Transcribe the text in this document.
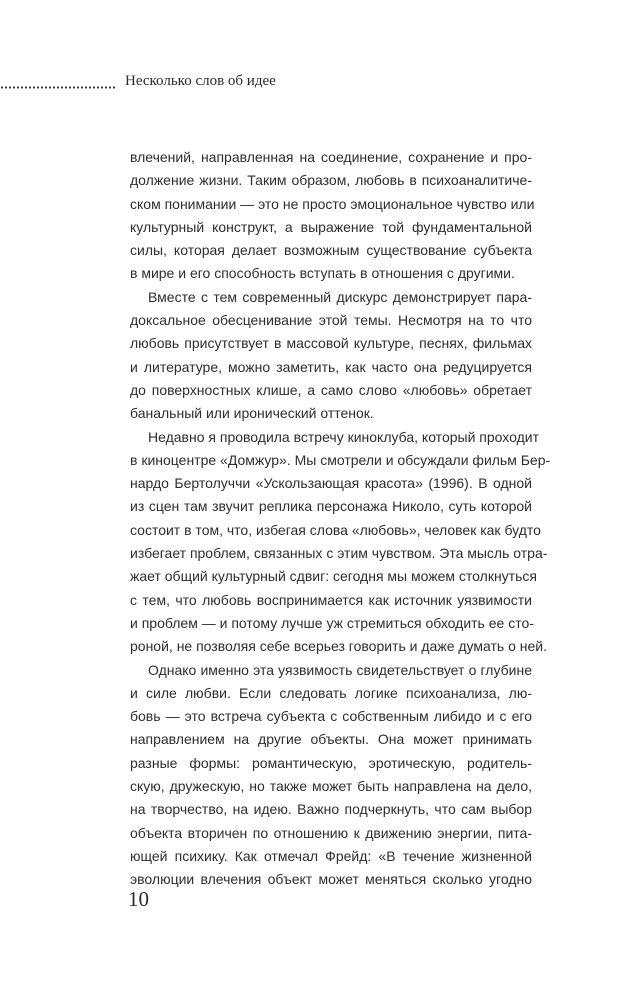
Несколько слов об идее
влечений, направленная на соединение, сохранение и про-
должение жизни. Таким образом, любовь в психоаналитиче-
ском понимании — это не просто эмоциональное чувство или
культурный конструкт, а выражение той фундаментальной
силы, которая делает возможным существование субъекта
в мире и его способность вступать в отношения с другими.
Вместе с тем современный дискурс демонстрирует пара-
доксальное обесценивание этой темы. Несмотря на то что
любовь присутствует в массовой культуре, песнях, фильмах
и литературе, можно заметить, как часто она редуцируется
до поверхностных клише, а само слово «любовь» обретает
банальный или иронический оттенок.
Недавно я проводила встречу киноклуба, который проходит
в киноцентре «Домжур». Мы смотрели и обсуждали фильм Бер-
нардо Бертолуччи «Ускользающая красота» (1996). В одной
из сцен там звучит реплика персонажа Николо, суть которой
состоит в том, что, избегая слова «любовь», человек как будто
избегает проблем, связанных с этим чувством. Эта мысль отра-
жает общий культурный сдвиг: сегодня мы можем столкнуться
с тем, что любовь воспринимается как источник уязвимости
и проблем — и потому лучше уж стремиться обходить ее сто-
роной, не позволяя себе всерьез говорить и даже думать о ней.
Однако именно эта уязвимость свидетельствует о глубине
и силе любви. Если следовать логике психоанализа, лю-
бовь — это встреча субъекта с собственным либидо и с его
направлением на другие объекты. Она может принимать
разные формы: романтическую, эротическую, родитель-
скую, дружескую, но также может быть направлена на дело,
на творчество, на идею. Важно подчеркнуть, что сам выбор
объекта вторичен по отношению к движению энергии, пита-
ющей психику. Как отмечал Фрейд: «В течение жизненной
эволюции влечения объект может меняться сколько угодно
10
